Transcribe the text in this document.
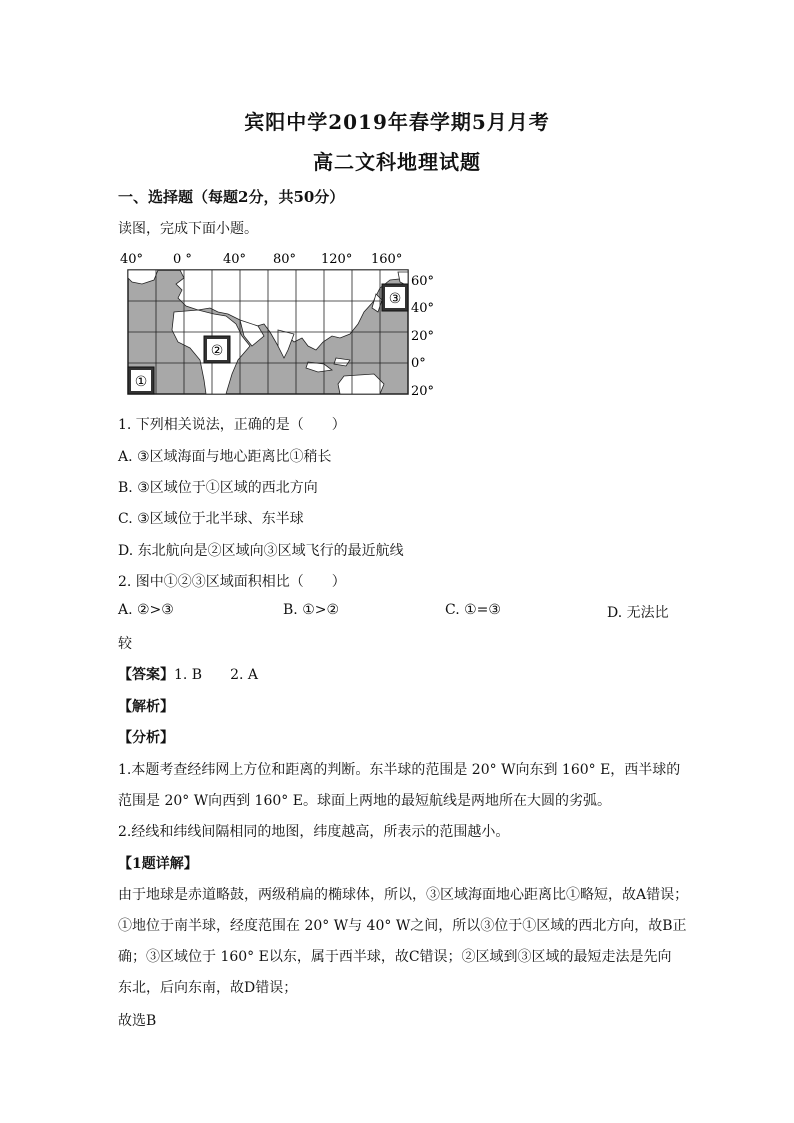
宾阳中学2019年春学期5月月考
高二文科地理试题
一、选择题（每题2分，共50分）
读图，完成下面小题。
40° 0 ° 40° 80° 120° 160°
60°
40°
20°
0°
20°
①
②
③
1. 下列相关说法，正确的是（　　）
A. ③区域海面与地心距离比①稍长
B. ③区域位于①区域的西北方向
C. ③区域位于北半球、东半球
D. 东北航向是②区域向③区域飞行的最近航线
2. 图中①②③区域面积相比（　　）
A. ②>③	B. ①>②	C. ①=③	D. 无法比
较
【答案】1. B　　2. A
【解析】
【分析】
1.本题考查经纬网上方位和距离的判断。东半球的范围是 20° W向东到 160° E，西半球的
范围是 20° W向西到 160° E。球面上两地的最短航线是两地所在大圆的劣弧。
2.经线和纬线间隔相同的地图，纬度越高，所表示的范围越小。
【1题详解】
由于地球是赤道略鼓，两级稍扁的椭球体，所以，③区域海面地心距离比①略短，故A错误；
①地位于南半球，经度范围在 20° W与 40° W之间，所以③位于①区域的西北方向，故B正
确；③区域位于 160° E以东，属于西半球，故C错误；②区域到③区域的最短走法是先向
东北，后向东南，故D错误；
故选B
